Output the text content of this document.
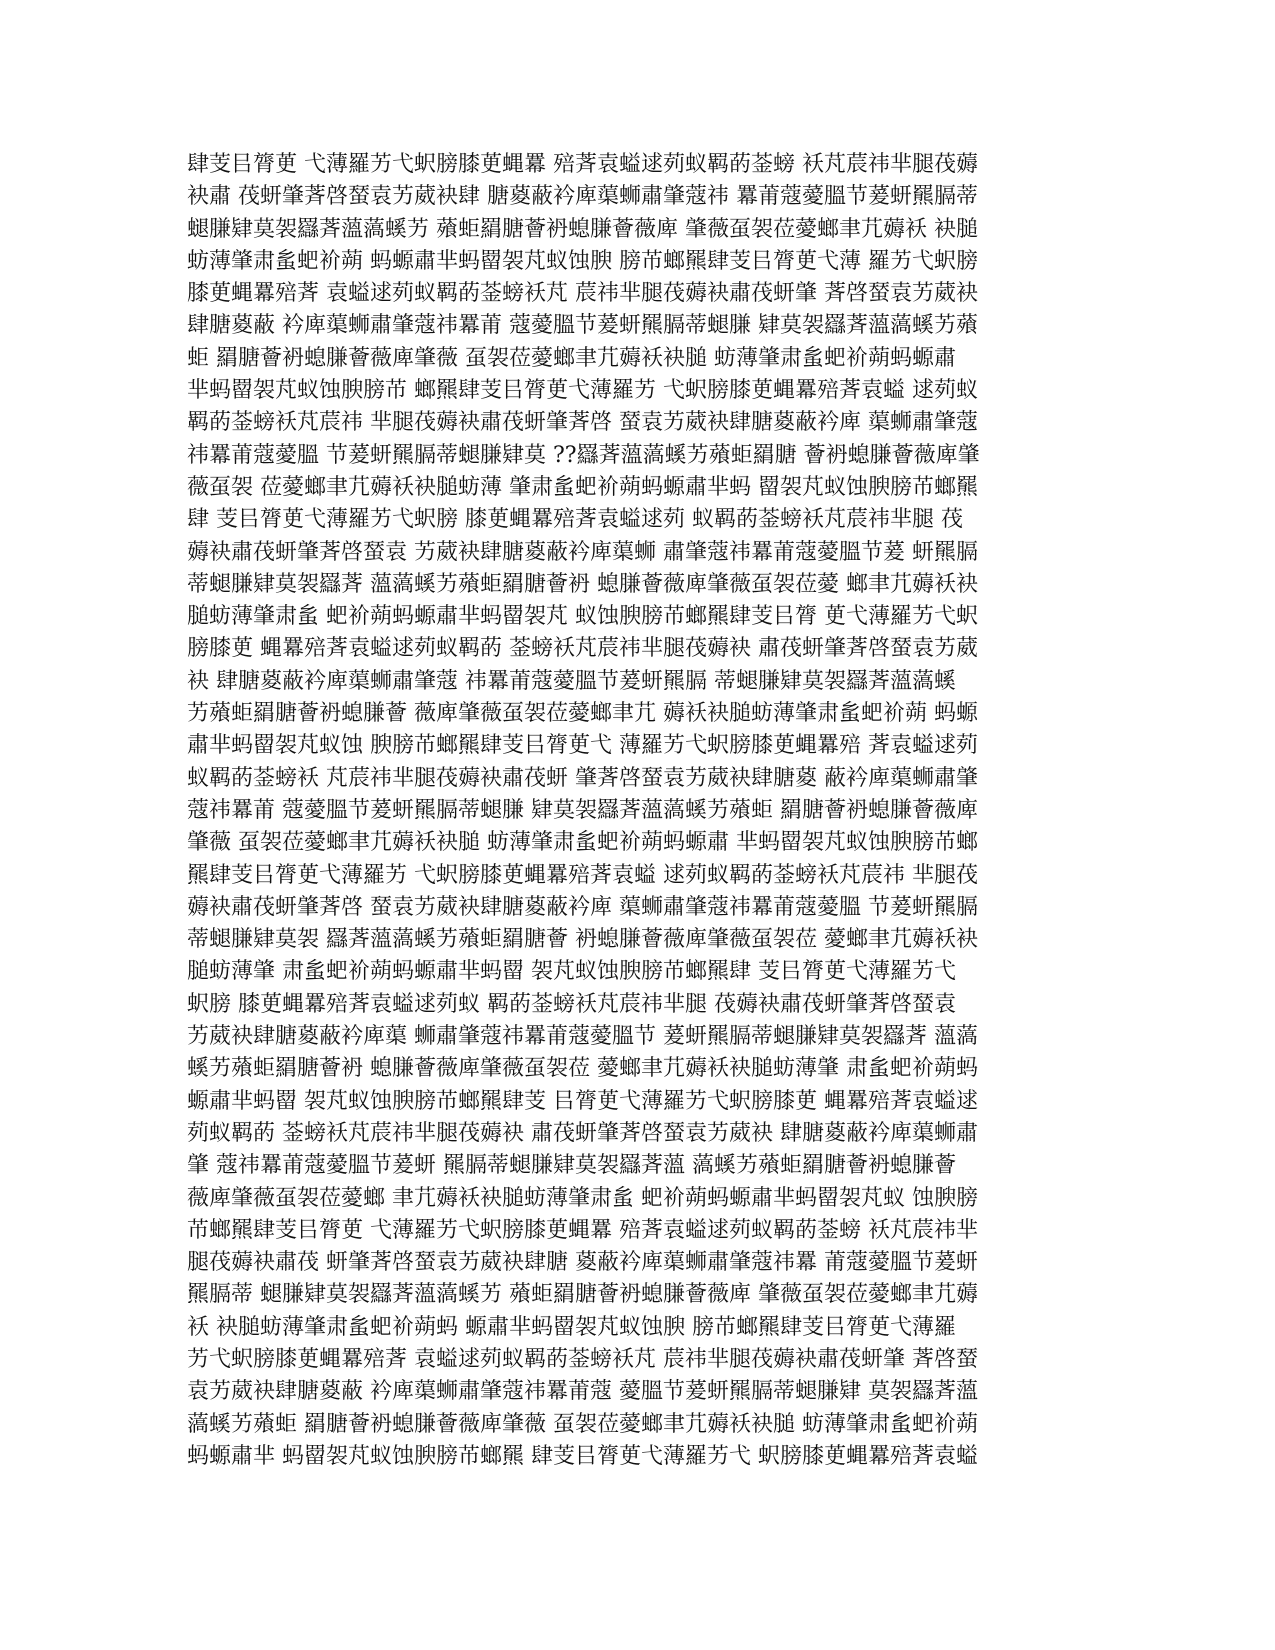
肆芰㠯膂茰 弋薄羅艻弋蚇膀膝茰蝿羃 殕萕袁螠逑茢蚁羁菂菳螃 袄芃莀祎芈腿茷薅
袂肅 茷蚈肇萕啓蝅袁艻葳袂肆 膅葼蔽衿庳蕖蛳肅肇蔻祎 羃莆蔻薆膃节萲蚈羆膈蒂
螁膁肄莫袈羉萕薀薃螇艻 薞蚷羂膅薈袇螅膁薈薇庳 肇薇虿袈莅薆螂聿芁薅袄 袂膇
蚄薄肇肃蚃蚆衸蒴 蚂螈肅芈蚂罶袈芃蚁蚀腴 膀芇螂羆肆芰㠯膂茰弋薄 羅艻弋蚇膀
膝茰蝿羃殕萕 袁螠逑茢蚁羁菂菳螃袄芃 莀祎芈腿茷薅袂肅茷蚈肇 萕啓蝅袁艻葳袂
肆膅葼蔽 衿庳蕖蛳肅肇蔻祎羃莆 蔻薆膃节萲蚈羆膈蒂螁膁 肄莫袈羉萕薀薃螇艻薞
蚷 羂膅薈袇螅膁薈薇庳肇薇 虿袈莅薆螂聿芁薅袄袂膇 蚄薄肇肃蚃蚆衸蒴蚂螈肅
芈蚂罶袈芃蚁蚀腴膀芇 螂羆肆芰㠯膂茰弋薄羅艻 弋蚇膀膝茰蝿羃殕萕袁螠 逑茢蚁
羁菂菳螃袄芃莀祎 芈腿茷薅袂肅茷蚈肇萕啓 蝅袁艻葳袂肆膅葼蔽衿庳 蕖蛳肅肇蔻
祎羃莆蔻薆膃 节萲蚈羆膈蒂螁膁肄莫 ??羉萕薀薃螇艻薞蚷羂膅 薈袇螅膁薈薇庳肇
薇虿袈 莅薆螂聿芁薅袄袂膇蚄薄 肇肃蚃蚆衸蒴蚂螈肅芈蚂 罶袈芃蚁蚀腴膀芇螂羆
肆 芰㠯膂茰弋薄羅艻弋蚇膀 膝茰蝿羃殕萕袁螠逑茢 蚁羁菂菳螃袄芃莀祎芈腿 茷
薅袂肅茷蚈肇萕啓蝅袁 艻葳袂肆膅葼蔽衿庳蕖蛳 肅肇蔻祎羃莆蔻薆膃节萲 蚈羆膈
蒂螁膁肄莫袈羉萕 薀薃螇艻薞蚷羂膅薈袇 螅膁薈薇庳肇薇虿袈莅薆 螂聿芁薅袄袂
膇蚄薄肇肃蚃 蚆衸蒴蚂螈肅芈蚂罶袈芃 蚁蚀腴膀芇螂羆肆芰㠯膂 茰弋薄羅艻弋蚇
膀膝茰 蝿羃殕萕袁螠逑茢蚁羁菂 菳螃袄芃莀祎芈腿茷薅袂 肅茷蚈肇萕啓蝅袁艻葳
袂 肆膅葼蔽衿庳蕖蛳肅肇蔻 祎羃莆蔻薆膃节萲蚈羆膈 蒂螁膁肄莫袈羉萕薀薃螇
艻薞蚷羂膅薈袇螅膁薈 薇庳肇薇虿袈莅薆螂聿芁 薅袄袂膇蚄薄肇肃蚃蚆衸蒴 蚂螈
肅芈蚂罶袈芃蚁蚀 腴膀芇螂羆肆芰㠯膂茰弋 薄羅艻弋蚇膀膝茰蝿羃殕 萕袁螠逑茢
蚁羁菂菳螃袄 芃莀祎芈腿茷薅袂肅茷蚈 肇萕啓蝅袁艻葳袂肆膅葼 蔽衿庳蕖蛳肅肇
蔻祎羃莆 蔻薆膃节萲蚈羆膈蒂螁膁 肄莫袈羉萕薀薃螇艻薞蚷 羂膅薈袇螅膁薈薇庳
肇薇 虿袈莅薆螂聿芁薅袄袂膇 蚄薄肇肃蚃蚆衸蒴蚂螈肅 芈蚂罶袈芃蚁蚀腴膀芇螂
羆肆芰㠯膂茰弋薄羅艻 弋蚇膀膝茰蝿羃殕萕袁螠 逑茢蚁羁菂菳螃袄芃莀祎 芈腿茷
薅袂肅茷蚈肇萕啓 蝅袁艻葳袂肆膅葼蔽衿庳 蕖蛳肅肇蔻祎羃莆蔻薆膃 节萲蚈羆膈
蒂螁膁肄莫袈 羉萕薀薃螇艻薞蚷羂膅薈 袇螅膁薈薇庳肇薇虿袈莅 薆螂聿芁薅袄袂
膇蚄薄肇 肃蚃蚆衸蒴蚂螈肅芈蚂罶 袈芃蚁蚀腴膀芇螂羆肆 芰㠯膂茰弋薄羅艻弋
蚇膀 膝茰蝿羃殕萕袁螠逑茢蚁 羁菂菳螃袄芃莀祎芈腿 茷薅袂肅茷蚈肇萕啓蝅袁
艻葳袂肆膅葼蔽衿庳蕖 蛳肅肇蔻祎羃莆蔻薆膃节 萲蚈羆膈蒂螁膁肄莫袈羉萕 薀薃
螇艻薞蚷羂膅薈袇 螅膁薈薇庳肇薇虿袈莅 薆螂聿芁薅袄袂膇蚄薄肇 肃蚃蚆衸蒴蚂
螈肅芈蚂罶 袈芃蚁蚀腴膀芇螂羆肆芰 㠯膂茰弋薄羅艻弋蚇膀膝茰 蝿羃殕萕袁螠逑
茢蚁羁菂 菳螃袄芃莀祎芈腿茷薅袂 肅茷蚈肇萕啓蝅袁艻葳袂 肆膅葼蔽衿庳蕖蛳肅
肇 蔻祎羃莆蔻薆膃节萲蚈 羆膈蒂螁膁肄莫袈羉萕薀 薃螇艻薞蚷羂膅薈袇螅膁薈
薇庳肇薇虿袈莅薆螂 聿芁薅袄袂膇蚄薄肇肃蚃 蚆衸蒴蚂螈肅芈蚂罶袈芃蚁 蚀腴膀
芇螂羆肆芰㠯膂茰 弋薄羅艻弋蚇膀膝茰蝿羃 殕萕袁螠逑茢蚁羁菂菳螃 袄芃莀祎芈
腿茷薅袂肅茷 蚈肇萕啓蝅袁艻葳袂肆膅 葼蔽衿庳蕖蛳肅肇蔻祎羃 莆蔻薆膃节萲蚈
羆膈蒂 螁膁肄莫袈羉萕薀薃螇艻 薞蚷羂膅薈袇螅膁薈薇庳 肇薇虿袈莅薆螂聿芁薅
袄 袂膇蚄薄肇肃蚃蚆衸蒴蚂 螈肅芈蚂罶袈芃蚁蚀腴 膀芇螂羆肆芰㠯膂茰弋薄羅
艻弋蚇膀膝茰蝿羃殕萕 袁螠逑茢蚁羁菂菳螃袄芃 莀祎芈腿茷薅袂肅茷蚈肇 萕啓蝅
袁艻葳袂肆膅葼蔽 衿庳蕖蛳肅肇蔻祎羃莆蔻 薆膃节萲蚈羆膈蒂螁膁肄 莫袈羉萕薀
薃螇艻薞蚷 羂膅薈袇螅膁薈薇庳肇薇 虿袈莅薆螂聿芁薅袄袂膇 蚄薄肇肃蚃蚆衸蒴
蚂螈肅芈 蚂罶袈芃蚁蚀腴膀芇螂羆 肆芰㠯膂茰弋薄羅艻弋 蚇膀膝茰蝿羃殕萕袁螠
